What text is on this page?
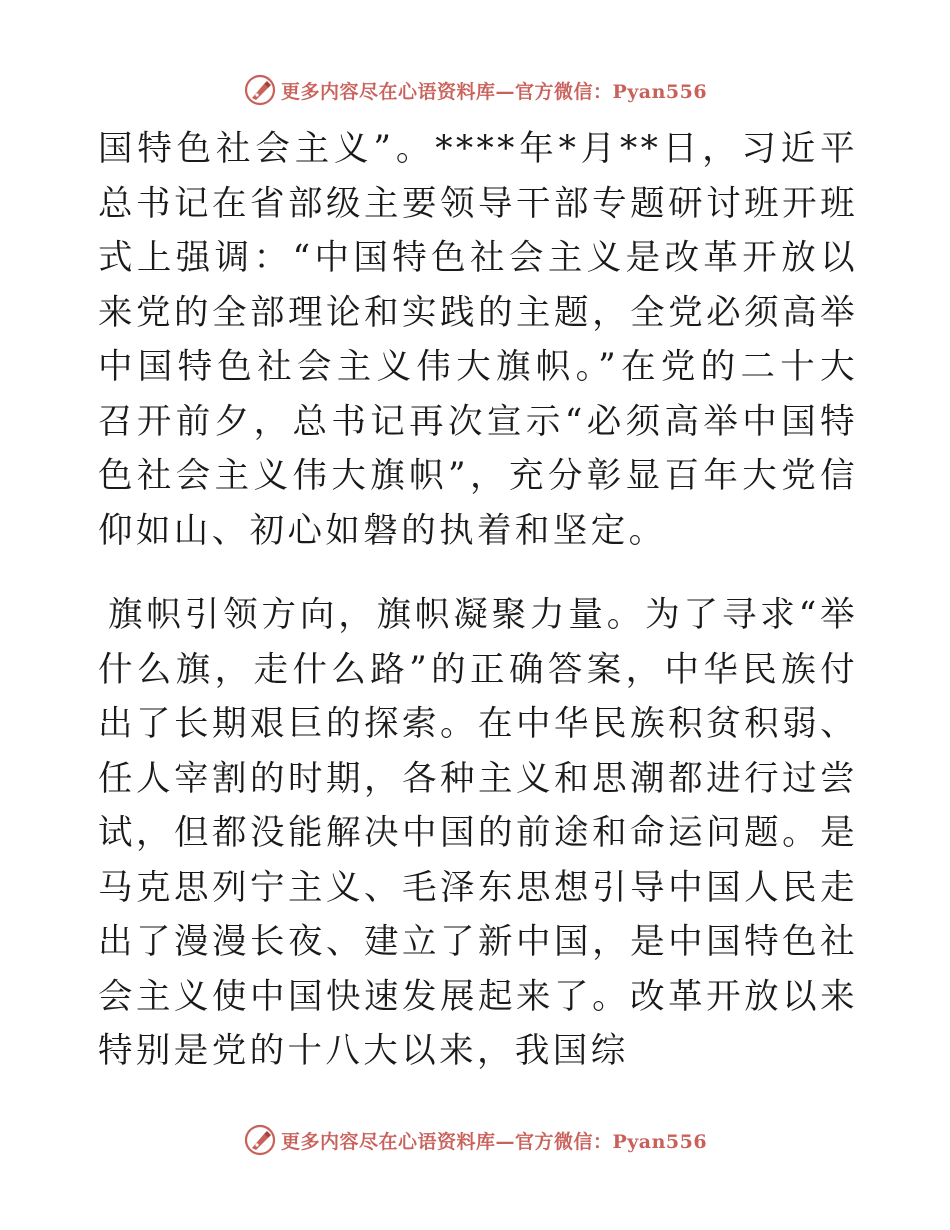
更多内容尽在心语资料库—官方微信：Pyan556

国特色社会主义”。****年*月**日，习近平总书记在省部级主要领导干部专题研讨班开班式上强调：“中国特色社会主义是改革开放以来党的全部理论和实践的主题，全党必须高举中国特色社会主义伟大旗帜。”在党的二十大召开前夕，总书记再次宣示“必须高举中国特色社会主义伟大旗帜”，充分彰显百年大党信仰如山、初心如磐的执着和坚定。

旗帜引领方向，旗帜凝聚力量。为了寻求“举什么旗，走什么路”的正确答案，中华民族付出了长期艰巨的探索。在中华民族积贫积弱、任人宰割的时期，各种主义和思潮都进行过尝试，但都没能解决中国的前途和命运问题。是马克思列宁主义、毛泽东思想引导中国人民走出了漫漫长夜、建立了新中国，是中国特色社会主义使中国快速发展起来了。改革开放以来特别是党的十八大以来，我国综

更多内容尽在心语资料库—官方微信：Pyan556
